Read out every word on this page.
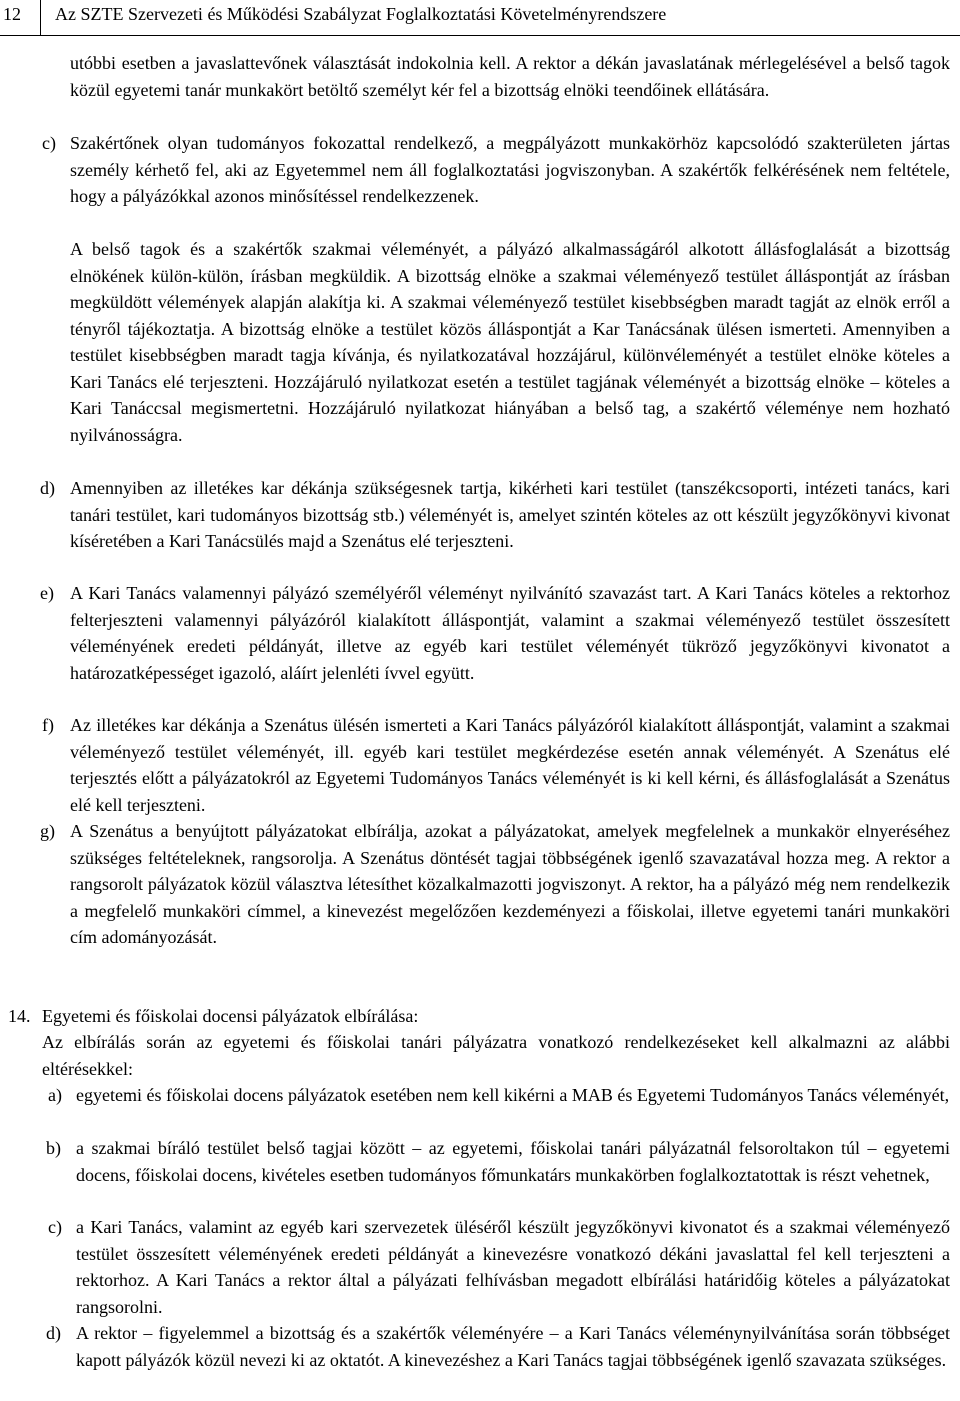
12 Az SZTE Szervezeti és Működési Szabályzat Foglalkoztatási Követelményrendszere

utóbbi esetben a javaslattevőnek választását indokolnia kell. A rektor a dékán javaslatának mérlegelésével a belső tagok közül egyetemi tanár munkakört betöltő személyt kér fel a bizottság elnöki teendőinek ellátására.

c) Szakértőnek olyan tudományos fokozattal rendelkező, a megpályázott munkakörhöz kapcsolódó szakterületen jártas személy kérhető fel, aki az Egyetemmel nem áll foglalkoztatási jogviszonyban. A szakértők felkérésének nem feltétele, hogy a pályázókkal azonos minősítéssel rendelkezzenek.

A belső tagok és a szakértők szakmai véleményét, a pályázó alkalmasságáról alkotott állásfoglalását a bizottság elnökének külön-külön, írásban megküldik. A bizottság elnöke a szakmai véleményező testület álláspontját az írásban megküldött vélemények alapján alakítja ki. A szakmai véleményező testület kisebbségben maradt tagját az elnök erről a tényről tájékoztatja. A bizottság elnöke a testület közös álláspontját a Kar Tanácsának ülésen ismerteti. Amennyiben a testület kisebbségben maradt tagja kívánja, és nyilatkozatával hozzájárul, különvéleményét a testület elnöke köteles a Kari Tanács elé terjeszteni. Hozzájáruló nyilatkozat esetén a testület tagjának véleményét a bizottság elnöke – köteles a Kari Tanáccsal megismertetni. Hozzájáruló nyilatkozat hiányában a belső tag, a szakértő véleménye nem hozható nyilvánosságra.

d) Amennyiben az illetékes kar dékánja szükségesnek tartja, kikérheti kari testület (tanszékcsoporti, intézeti tanács, kari tanári testület, kari tudományos bizottság stb.) véleményét is, amelyet szintén köteles az ott készült jegyzőkönyvi kivonat kíséretében a Kari Tanácsülés majd a Szenátus elé terjeszteni.

e) A Kari Tanács valamennyi pályázó személyéről véleményt nyilvánító szavazást tart. A Kari Tanács köteles a rektorhoz felterjeszteni valamennyi pályázóról kialakított álláspontját, valamint a szakmai véleményező testület összesített véleményének eredeti példányát, illetve az egyéb kari testület véleményét tükröző jegyzőkönyvi kivonatot a határozatképességet igazoló, aláírt jelenléti ívvel együtt.

f) Az illetékes kar dékánja a Szenátus ülésén ismerteti a Kari Tanács pályázóról kialakított álláspontját, valamint a szakmai véleményező testület véleményét, ill. egyéb kari testület megkérdezése esetén annak véleményét. A Szenátus elé terjesztés előtt a pályázatokról az Egyetemi Tudományos Tanács véleményét is ki kell kérni, és állásfoglalását a Szenátus elé kell terjeszteni.

g) A Szenátus a benyújtott pályázatokat elbírálja, azokat a pályázatokat, amelyek megfelelnek a munkakör elnyeréséhez szükséges feltételeknek, rangsorolja. A Szenátus döntését tagjai többségének igenlő szavazatával hozza meg. A rektor a rangsorolt pályázatok közül választva létesíthet közalkalmazotti jogviszonyt. A rektor, ha a pályázó még nem rendelkezik a megfelelő munkaköri címmel, a kinevezést megelőzően kezdeményezi a főiskolai, illetve egyetemi tanári munkaköri cím adományozását.

14. Egyetemi és főiskolai docensi pályázatok elbírálása:

Az elbírálás során az egyetemi és főiskolai tanári pályázatra vonatkozó rendelkezéseket kell alkalmazni az alábbi eltérésekkel:

a) egyetemi és főiskolai docens pályázatok esetében nem kell kikérni a MAB és Egyetemi Tudományos Tanács véleményét,

b) a szakmai bíráló testület belső tagjai között – az egyetemi, főiskolai tanári pályázatnál felsoroltakon túl – egyetemi docens, főiskolai docens, kivételes esetben tudományos főmunkatárs munkakörben foglalkoztatottak is részt vehetnek,

c) a Kari Tanács, valamint az egyéb kari szervezetek üléséről készült jegyzőkönyvi kivonatot és a szakmai véleményező testület összesített véleményének eredeti példányát a kinevezésre vonatkozó dékáni javaslattal fel kell terjeszteni a rektorhoz. A Kari Tanács a rektor által a pályázati felhívásban megadott elbírálási határidőig köteles a pályázatokat rangsorolni.

d) A rektor – figyelemmel a bizottság és a szakértők véleményére – a Kari Tanács véleménynyilvánítása során többséget kapott pályázók közül nevezi ki az oktatót. A kinevezéshez a Kari Tanács tagjai többségének igenlő szavazata szükséges.
